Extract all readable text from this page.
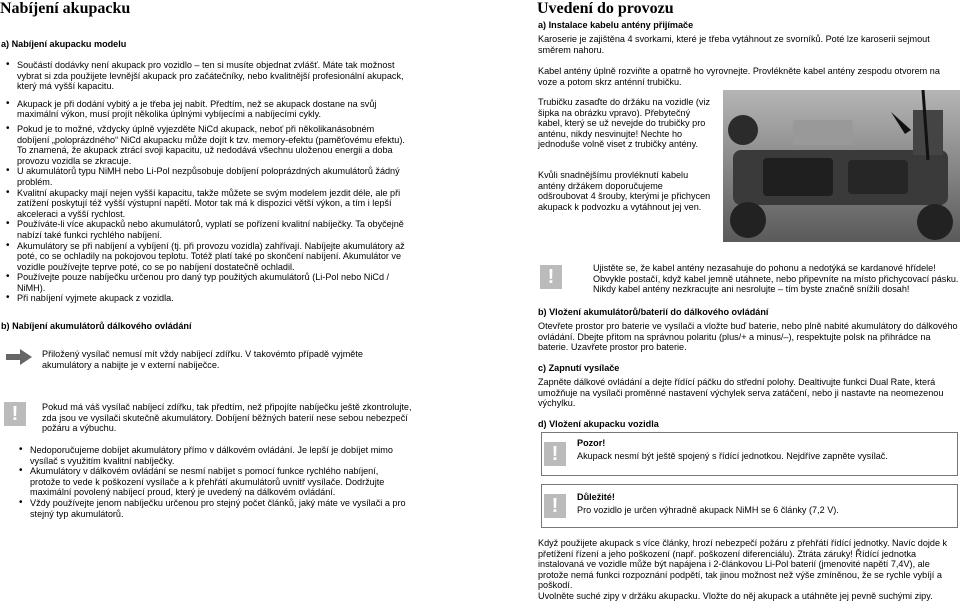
Nabíjení akupacku
a) Nabíjení akupacku modelu
• Součástí dodávky není akupack pro vozidlo – ten si musíte objednat zvlášť. Máte tak možnost vybrat si zda použijete levnější akupack pro začátečníky, nebo kvalitnější profesionální akupack, který má vyšší kapacitu.
• Akupack je při dodání vybitý a je třeba jej nabít. Předtím, než se akupack dostane na svůj maximální výkon, musí projít několika úplnými vybíjecími a nabíjecími cykly.
• Pokud je to možné, vždycky úplně vyjezděte NiCd akupack, neboť při několikanásobném dobíjení „poloprázdného“ NiCd akupacku může dojít k tzv. memory-efektu (paměťovému efektu). To znamená, že akupack ztrácí svoji kapacitu, už nedodává všechnu uloženou energii a doba provozu vozidla se zkracuje.
• U akumulátorů typu NiMH nebo Li-Pol nezpůsobuje dobíjení poloprázdných akumulátorů žádný problém.
• Kvalitní akupacky mají nejen vyšší kapacitu, takže můžete se svým modelem jezdit déle, ale při zatížení poskytují též vyšší výstupní napětí. Motor tak má k dispozici větší výkon, a tím i lepší akceleraci a vyšší rychlost.
• Používáte-li více akupacků nebo akumulátorů, vyplatí se pořízení kvalitní nabíječky. Ta obyčejně nabízí také funkci rychlého nabíjení.
• Akumulátory se při nabíjení a vybíjení (tj. při provozu vozidla) zahřívají. Nabíjejte akumulátory až poté, co se ochladily na pokojovou teplotu. Totéž platí také po skončení nabíjení. Akumulátor ve vozidle používejte teprve poté, co se po nabíjení dostatečně ochladil.
• Používejte pouze nabíječku určenou pro daný typ použitých akumulátorů (Li-Pol nebo NiCd / NiMH).
• Při nabíjení vyjmete akupack z vozidla.
b) Nabíjení akumulátorů dálkového ovládání

Přiložený vysílač nemusí mít vždy nabíjecí zdířku. V takovémto případě vyjměte akumulátory a nabijte je v externí nabíječce.

!

Pokud má váš vysílač nabíjecí zdířku, tak předtím, než připojíte nabíječku ještě zkontrolujte, zda jsou ve vysílači skutečně akumulátory. Dobíjení běžných baterií nese sebou nebezpečí požáru a výbuchu.

• Nedoporučujeme dobíjet akumulátory přímo v dálkovém ovládání. Je lepší je dobíjet mimo vysílač s využitím kvalitní nabíječky.
• Akumulátory v dálkovém ovládání se nesmí nabíjet s pomocí funkce rychlého nabíjení, protože to vede k poškození vysílače a k přehřátí akumulátorů uvnitř vysílače. Dodržujte maximální povolený nabíjecí proud, který je uvedený na dálkovém ovládání.
• Vždy používejte jenom nabíječku určenou pro stejný počet článků, jaký máte ve vysílači a pro stejný typ akumulátorů.
Uvedení do provozu
a) Instalace kabelu antény přijímače

Karoserie je zajištěna 4 svorkami, které je třeba vytáhnout ze svorníků. Poté lze karoserii sejmout směrem nahoru.

Kabel antény úplně rozviňte a opatrně ho vyrovnejte. Provlékněte kabel antény zespodu otvorem na voze a potom skrz anténní trubičku.

Trubičku zasaďte do držáku na vozidle (viz šipka na obrázku vpravo). Přebytečný kabel, který se už nevejde do trubičky pro anténu, nikdy nesvinujte! Nechte ho jednoduše volně viset z trubičky antény.

Kvůli snadnějšímu provléknutí kabelu antény držákem doporučujeme odšroubovat 4 šrouby, kterými je přichycen akupack k podvozku a vytáhnout jej ven.

!

Ujistěte se, že kabel antény nezasahuje do pohonu a nedotýká se kardanové hřídele! Obvykle postačí, když kabel jemně utáhnete, nebo připevníte na místo přichycovací pásku. Nikdy kabel antény nezkracujte ani nesrolujte – tím byste značně snížili dosah!

b) Vložení akumulátorů/baterií do dálkového ovládání

Otevřete prostor pro baterie ve vysílači a vložte buď baterie, nebo plně nabité akumulátory do dálkového ovládání. Dbejte přitom na správnou polaritu (plus/+ a minus/–), respektujte polsk na přihrádce na baterie. Uzavřete prostor pro baterie.

c) Zapnutí vysílače

Zapněte dálkové ovládání a dejte řídící páčku do střední polohy. Dealtivujte funkci Dual Rate, která umožňuje na vysílači proměnné nastavení výchylek serva zatáčení, nebo ji nastavte na neomezenou výchylku.

d) Vložení akupacku vozidla
!

Pozor!

Akupack nesmí být ještě spojený s řídící jednotkou. Nejdříve zapněte vysílač.

!

Důležité!

Pro vozidlo je určen výhradně akupack NiMH se 6 články (7,2 V).

Když použijete akupack s více články, hrozí nebezpečí požáru z přehřátí řídící jednotky. Navíc dojde k přetížení řízení a jeho poškození (např. poškození diferenciálu). Ztráta záruky! Řídící jednotka instalovaná ve vozidle může být napájena i 2-článkovou Li-Pol baterií (jmenovité napětí 7,4V), ale protože nemá funkci rozpoznání podpětí, tak jinou možnost než výše zmíněnou, že se rychle vybíjí a poškodí.

Uvolněte suché zipy v držáku akupacku. Vložte do něj akupack a utáhněte jej pevně suchými zipy.
